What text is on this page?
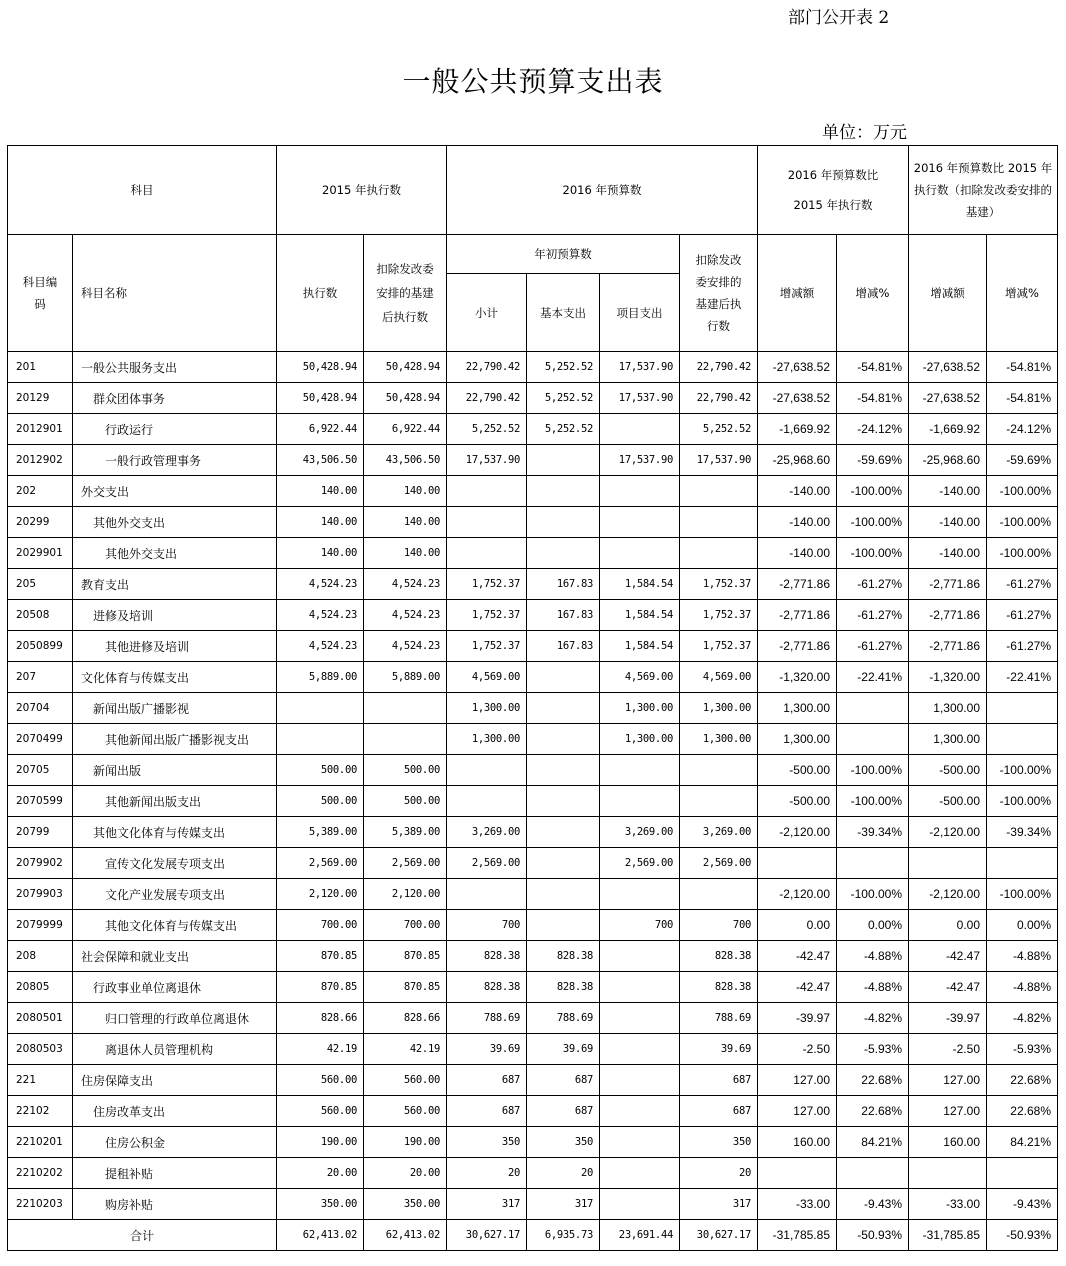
部门公开表 2
一般公共预算支出表
单位：万元
科目		2015 年执行数		2016 年预算数				2016 年预算数比 2015 年执行数		2016 年预算数比 2015 年执行数（扣除发改委安排的基建）	
科目编码	科目名称	执行数	扣除发改委安排的基建后执行数	年初预算数			扣除发改委安排的基建后执行数	增减额	增减%	增减额	增减%
				小计	基本支出	项目支出					
201	一般公共服务支出	50,428.94	50,428.94	22,790.42	5,252.52	17,537.90	22,790.42	-27,638.52	-54.81%	-27,638.52	-54.81%
20129	群众团体事务	50,428.94	50,428.94	22,790.42	5,252.52	17,537.90	22,790.42	-27,638.52	-54.81%	-27,638.52	-54.81%
2012901	行政运行	6,922.44	6,922.44	5,252.52	5,252.52		5,252.52	-1,669.92	-24.12%	-1,669.92	-24.12%
2012902	一般行政管理事务	43,506.50	43,506.50	17,537.90		17,537.90	17,537.90	-25,968.60	-59.69%	-25,968.60	-59.69%
202	外交支出	140.00	140.00					-140.00	-100.00%	-140.00	-100.00%
20299	其他外交支出	140.00	140.00					-140.00	-100.00%	-140.00	-100.00%
2029901	其他外交支出	140.00	140.00					-140.00	-100.00%	-140.00	-100.00%
205	教育支出	4,524.23	4,524.23	1,752.37	167.83	1,584.54	1,752.37	-2,771.86	-61.27%	-2,771.86	-61.27%
20508	进修及培训	4,524.23	4,524.23	1,752.37	167.83	1,584.54	1,752.37	-2,771.86	-61.27%	-2,771.86	-61.27%
2050899	其他进修及培训	4,524.23	4,524.23	1,752.37	167.83	1,584.54	1,752.37	-2,771.86	-61.27%	-2,771.86	-61.27%
207	文化体育与传媒支出	5,889.00	5,889.00	4,569.00		4,569.00	4,569.00	-1,320.00	-22.41%	-1,320.00	-22.41%
20704	新闻出版广播影视			1,300.00		1,300.00	1,300.00	1,300.00		1,300.00	
2070499	其他新闻出版广播影视支出			1,300.00		1,300.00	1,300.00	1,300.00		1,300.00	
20705	新闻出版	500.00	500.00					-500.00	-100.00%	-500.00	-100.00%
2070599	其他新闻出版支出	500.00	500.00					-500.00	-100.00%	-500.00	-100.00%
20799	其他文化体育与传媒支出	5,389.00	5,389.00	3,269.00		3,269.00	3,269.00	-2,120.00	-39.34%	-2,120.00	-39.34%
2079902	宣传文化发展专项支出	2,569.00	2,569.00	2,569.00		2,569.00	2,569.00				
2079903	文化产业发展专项支出	2,120.00	2,120.00					-2,120.00	-100.00%	-2,120.00	-100.00%
2079999	其他文化体育与传媒支出	700.00	700.00	700		700	700	0.00	0.00%	0.00	0.00%
208	社会保障和就业支出	870.85	870.85	828.38	828.38		828.38	-42.47	-4.88%	-42.47	-4.88%
20805	行政事业单位离退休	870.85	870.85	828.38	828.38		828.38	-42.47	-4.88%	-42.47	-4.88%
2080501	归口管理的行政单位离退休	828.66	828.66	788.69	788.69		788.69	-39.97	-4.82%	-39.97	-4.82%
2080503	离退休人员管理机构	42.19	42.19	39.69	39.69		39.69	-2.50	-5.93%	-2.50	-5.93%
221	住房保障支出	560.00	560.00	687	687		687	127.00	22.68%	127.00	22.68%
22102	住房改革支出	560.00	560.00	687	687		687	127.00	22.68%	127.00	22.68%
2210201	住房公积金	190.00	190.00	350	350		350	160.00	84.21%	160.00	84.21%
2210202	提租补贴	20.00	20.00	20	20		20				
2210203	购房补贴	350.00	350.00	317	317		317	-33.00	-9.43%	-33.00	-9.43%
合计		62,413.02	62,413.02	30,627.17	6,935.73	23,691.44	30,627.17	-31,785.85	-50.93%	-31,785.85	-50.93%
